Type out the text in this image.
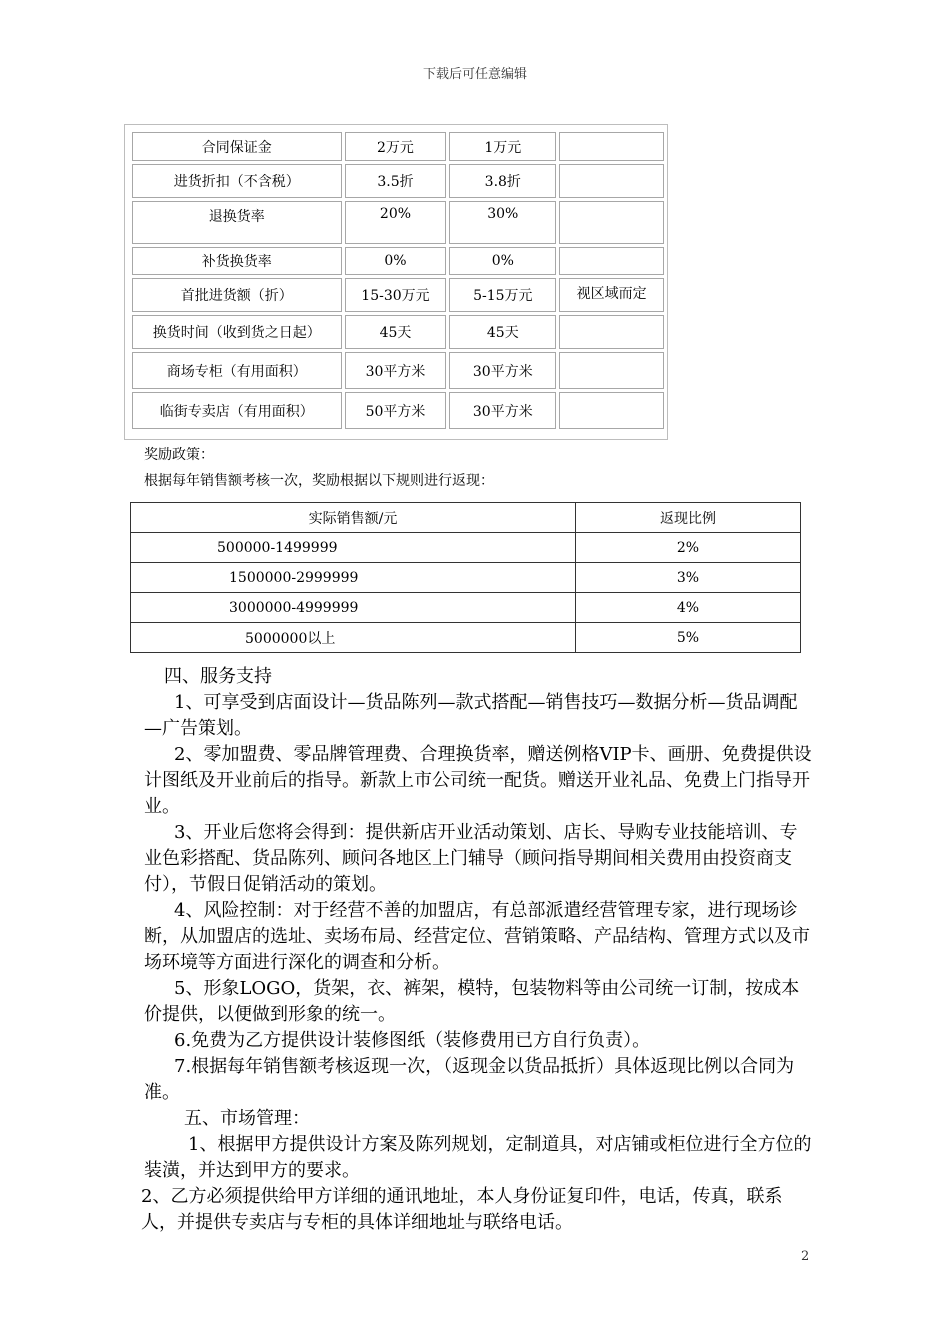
下载后可任意编辑
合同保证金	2万元	1万元	
进货折扣（不含税）	3.5折	3.8折	
退换货率	20%	30%	
补货换货率	0%	0%	
首批进货额（折）	15-30万元	5-15万元	视区域而定
换货时间（收到货之日起）	45天	45天	
商场专柜（有用面积）	30平方米	30平方米	
临街专卖店（有用面积）	50平方米	30平方米	
奖励政策：
根据每年销售额考核一次，奖励根据以下规则进行返现：
实际销售额/元	返现比例
500000-1499999	2%
1500000-2999999	3%
3000000-4999999	4%
5000000以上	5%

四、服务支持

1、可享受到店面设计—货品陈列—款式搭配—销售技巧—数据分析—货品调配—广告策划。

2、零加盟费、零品牌管理费、合理换货率，赠送例格VIP卡、画册、免费提供设计图纸及开业前后的指导。新款上市公司统一配货。赠送开业礼品、免费上门指导开业。

3、开业后您将会得到：提供新店开业活动策划、店长、导购专业技能培训、专业色彩搭配、货品陈列、顾问各地区上门辅导（顾问指导期间相关费用由投资商支付），节假日促销活动的策划。

4、风险控制：对于经营不善的加盟店，有总部派遣经营管理专家，进行现场诊断，从加盟店的选址、卖场布局、经营定位、营销策略、产品结构、管理方式以及市场环境等方面进行深化的调查和分析。

5、形象LOGO，货架，衣、裤架，模特，包装物料等由公司统一订制，按成本价提供，以便做到形象的统一。

6.免费为乙方提供设计装修图纸（装修费用已方自行负责）。

7.根据每年销售额考核返现一次，（返现金以货品抵折）具体返现比例以合同为准。

五、市场管理：

1、根据甲方提供设计方案及陈列规划，定制道具，对店铺或柜位进行全方位的装潢，并达到甲方的要求。

2、乙方必须提供给甲方详细的通讯地址，本人身份证复印件，电话，传真，联系人，并提供专卖店与专柜的具体详细地址与联络电话。

2
